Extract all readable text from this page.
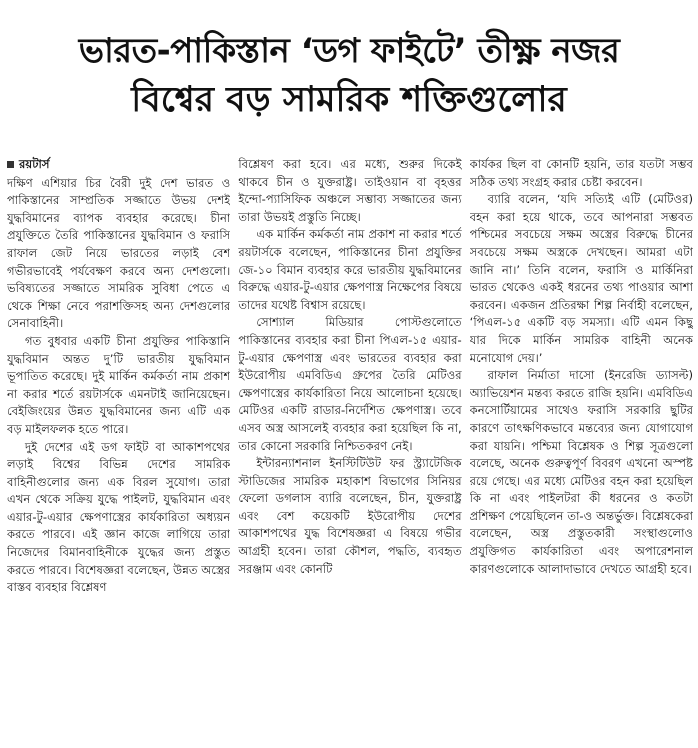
ভারত-পাকিস্তান ‘ডগ ফাইটে’ তীক্ষ্ণ নজর
বিশ্বের বড় সামরিক শক্তিগুলোর
রয়টার্স

দক্ষিণ এশিয়ার চির বৈরী দুই দেশ ভারত ও পাকিস্তানের সাম্প্রতিক সজ্জাতে উভয় দেশই যুদ্ধবিমানের ব্যাপক ব্যবহার করেছে। চীনা প্রযুক্তিতে তৈরি পাকিস্তানের যুদ্ধবিমান ও ফরাসি রাফাল জেট নিয়ে ভারতের লড়াই বেশ গভীরভাবেই পর্যবেক্ষণ করবে অন্য দেশগুলো। ভবিষ্যতের সজ্জাতে সামরিক সুবিধা পেতে এ থেকে শিক্ষা নেবে পরাশক্তিসহ অন্য দেশগুলোর সেনাবাহিনী।

গত বুধবার একটি চীনা প্রযুক্তির পাকিস্তানি যুদ্ধবিমান অন্তত দু’টি ভারতীয় যুদ্ধবিমান ভূপাতিত করেছে। দুই মার্কিন কর্মকর্তা নাম প্রকাশ না করার শর্তে রয়টার্সকে এমনটাই জানিয়েছেন। বেইজিংয়ের উন্নত যুদ্ধবিমানের জন্য এটি এক বড় মাইলফলক হতে পারে।

দুই দেশের এই ডগ ফাইট বা আকাশপথের লড়াই বিশ্বের বিভিন্ন দেশের সামরিক বাহিনীগুলোর জন্য এক বিরল সুযোগ। তারা এখন থেকে সক্রিয় যুদ্ধে পাইলট, যুদ্ধবিমান এবং এয়ার-টু-এয়ার ক্ষেপণাস্ত্রের কার্যকারিতা অধ্যয়ন করতে পারবে। এই জ্ঞান কাজে লাগিয়ে তারা নিজেদের বিমানবাহিনীকে যুদ্ধের জন্য প্রস্তুত করতে পারবে। বিশেষজ্ঞরা বলেছেন, উন্নত অস্ত্রের বাস্তব ব্যবহার বিশ্লেষণ

বিশ্লেষণ করা হবে। এর মধ্যে, শুরুর দিকেই থাকবে চীন ও যুক্তরাষ্ট্র। তাইওয়ান বা বৃহত্তর ইন্দো-প্যাসিফিক অঞ্চলে সম্ভাব্য সজ্জাতের জন্য তারা উভয়ই প্রস্তুতি নিচ্ছে।

এক মার্কিন কর্মকর্তা নাম প্রকাশ না করার শর্তে রয়টার্সকে বলেছেন, পাকিস্তানের চীনা প্রযুক্তির জে-১০ বিমান ব্যবহার করে ভারতীয় যুদ্ধবিমানের বিরুদ্ধে এয়ার-টু-এয়ার ক্ষেপণাস্ত্র নিক্ষেপের বিষয়ে তাদের যথেষ্ট বিশ্বাস রয়েছে।

সোশ্যাল মিডিয়ার পোস্টগুলোতে পাকিস্তানের ব্যবহার করা চীনা পিএল-১৫ এয়ার-টু-এয়ার ক্ষেপণাস্ত্র এবং ভারতের ব্যবহার করা ইউরোপীয় এমবিডিএ গ্রুপের তৈরি মেটিওর ক্ষেপণাস্ত্রের কার্যকারিতা নিয়ে আলোচনা হয়েছে। মেটিওর একটি রাডার-নির্দেশিত ক্ষেপণাস্ত্র। তবে এসব অস্ত্র আসলেই ব্যবহার করা হয়েছিল কি না, তার কোনো সরকারি নিশ্চিতকরণ নেই।

ইন্টারন্যাশনাল ইনস্টিটিউট ফর স্ট্র্যাটেজিক স্টাডিজের সামরিক মহাকাশ বিভাগের সিনিয়র ফেলো ডগলাস ব্যারি বলেছেন, চীন, যুক্তরাষ্ট্র এবং বেশ কয়েকটি ইউরোপীয় দেশের আকাশপথের যুদ্ধ বিশেষজ্ঞরা এ বিষয়ে গভীর আগ্রহী হবেন। তারা কৌশল, পদ্ধতি, ব্যবহৃত সরঞ্জাম এবং কোনটি

কার্যকর ছিল বা কোনটি হয়নি, তার যতটা সম্ভব সঠিক তথ্য সংগ্রহ করার চেষ্টা করবেন।

ব্যারি বলেন, ‘যদি সত্যিই এটি (মেটিওর) বহন করা হয়ে থাকে, তবে আপনারা সম্ভবত পশ্চিমের সবচেয়ে সক্ষম অস্ত্রের বিরুদ্ধে চীনের সবচেয়ে সক্ষম অস্ত্রকে দেখছেন। আমরা এটা জানি না।’ তিনি বলেন, ফরাসি ও মার্কিনিরা ভারত থেকেও একই ধরনের তথ্য পাওয়ার আশা করবেন। একজন প্রতিরক্ষা শিল্প নির্বাহী বলেছেন, ‘পিএল-১৫ একটি বড় সমস্যা। এটি এমন কিছু যার দিকে মার্কিন সামরিক বাহিনী অনেক মনোযোগ দেয়।’

রাফাল নির্মাতা দাসো (ইনরেজি ড্যাসল্ট) অ্যাভিয়েশন মন্তব্য করতে রাজি হয়নি। এমবিডিএ কনসোর্টিয়ামের সাথেও ফরাসি সরকারি ছুটির কারণে তাৎক্ষণিকভাবে মন্তব্যের জন্য যোগাযোগ করা যায়নি। পশ্চিমা বিশ্লেষক ও শিল্প সূত্রগুলো বলেছে, অনেক গুরুত্বপূর্ণ বিবরণ এখনো অস্পষ্ট রয়ে গেছে। এর মধ্যে মেটিওর বহন করা হয়েছিল কি না এবং পাইলটরা কী ধরনের ও কতটা প্রশিক্ষণ পেয়েছিলেন তা-ও অন্তর্ভুক্ত। বিশ্লেষকেরা বলেছেন, অস্ত্র প্রস্তুতকারী সংস্থাগুলোও প্রযুক্তিগত কার্যকারিতা এবং অপারেশনাল কারণগুলোকে আলাদাভাবে দেখতে আগ্রহী হবে।
